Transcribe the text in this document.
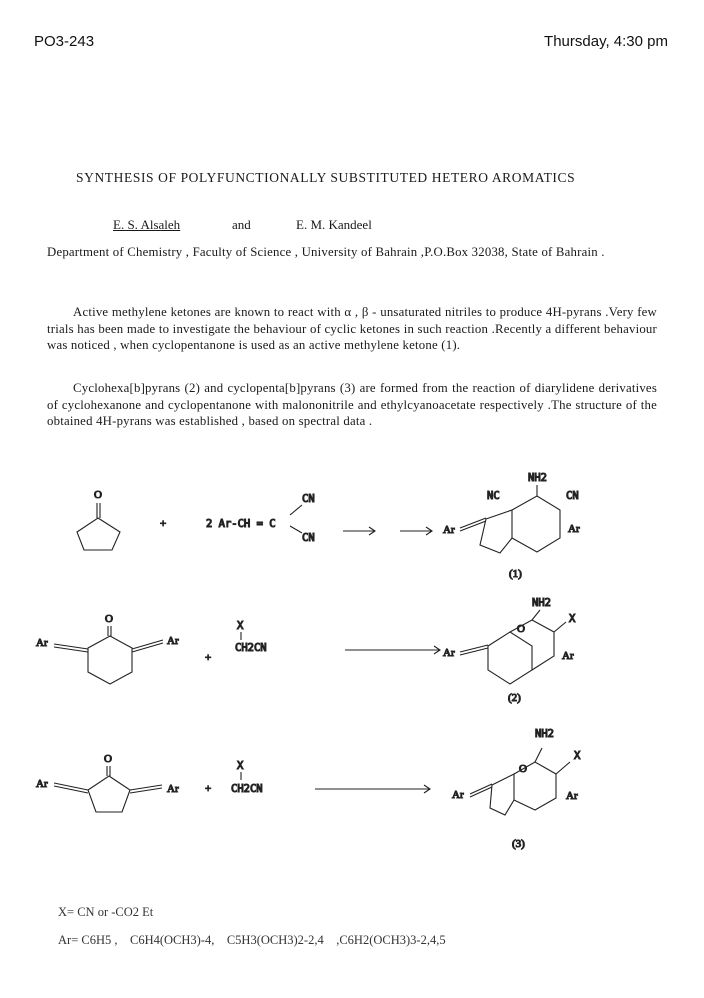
PO3-243	Thursday, 4:30 pm
SYNTHESIS OF POLYFUNCTIONALLY SUBSTITUTED HETERO AROMATICS
E. S. Alsaleh	and	E. M. Kandeel
Department of Chemistry , Faculty of Science , University of Bahrain ,P.O.Box 32038, State of Bahrain .
Active methylene ketones are known to react with α , β - unsaturated nitriles to produce 4H-pyrans .Very few trials has been made to investigate the behaviour of cyclic ketones in such reaction .Recently a different behaviour was noticed , when cyclopentanone is used as an active methylene ketone (1).
Cyclohexa[b]pyrans (2) and cyclopenta[b]pyrans (3) are formed from the reaction of diarylidene derivatives of cyclohexanone and cyclopentanone with malononitrile and ethylcyanoacetate respectively .The structure of the obtained 4H-pyrans was established , based on spectral data .
O
+	2 Ar-CH = C
CN
CN
Ar
NH2
NC	CN
Ar
(1)
Ar
O
Ar
+
X
CH2CN	Ar
O
NH2
X
Ar
(2)
Ar
O
Ar +
X
CH2CN	Ar
O
NH2
X
Ar
(3)
X= CN or -CO2 Et
Ar= C6H5 ,    C6H4(OCH3)-4,    C5H3(OCH3)2-2,4    ,C6H2(OCH3)3-2,4,5
